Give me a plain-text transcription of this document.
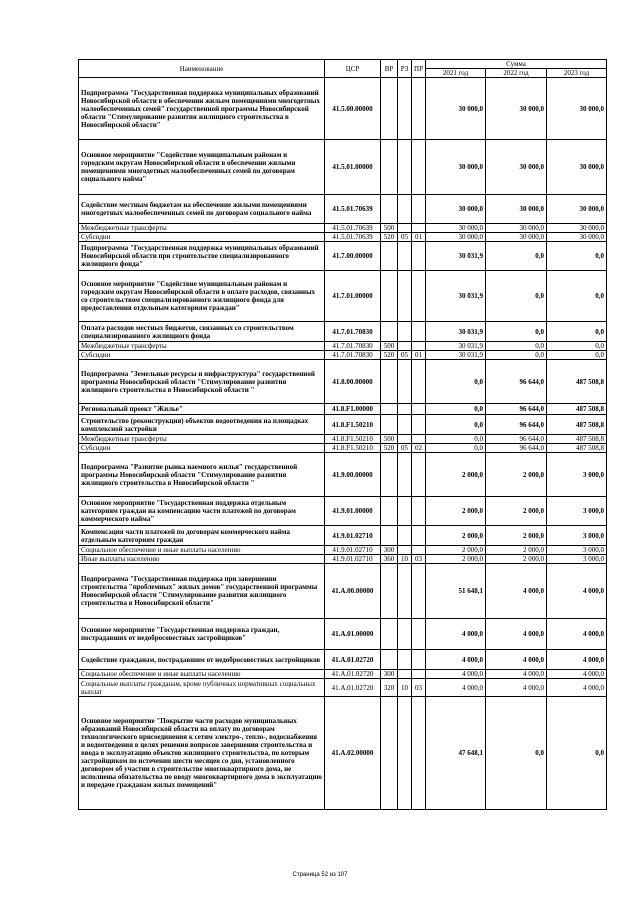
Наименование	ЦСР	ВР	РЗ	ПР	Сумма		
					2021 год	2022 год	2023 год
Подпрограмма "Государственная поддержка муниципальных образований Новосибирской области в обеспечении жильем помещениями многодетных малообеспеченных семей" государственной программы Новосибирской области "Стимулирование развития жилищного строительства в Новосибирской области"	41.5.00.00000				30 000,0	30 000,0	30 000,0
Основное мероприятие "Содействие муниципальным районам и городским округам Новосибирской области в обеспечении жилыми помещениями многодетных малообеспеченных семей по договорам социального найма"	41.5.01.00000				30 000,0	30 000,0	30 000,0
Содействие местным бюджетам на обеспечение жилыми помещениями многодетных малообеспеченных семей по договорам социального найма	41.5.01.70639				30 000,0	30 000,0	30 000,0
Межбюджетные трансферты	41.5.01.70639	500			30 000,0	30 000,0	30 000,0
Субсидии	41.5.01.70639	520	05	01	30 000,0	30 000,0	30 000,0
Подпрограмма "Государственная поддержка муниципальных образований Новосибирской области при строительстве специализированного жилищного фонда"	41.7.00.00000				30 031,9	0,0	0,0
Основное мероприятие "Содействие муниципальным районам и городским округам Новосибирской области в оплате расходов, связанных со строительством специализированного жилищного фонда для предоставления отдельным категориям граждан"	41.7.01.00000				30 031,9	0,0	0,0
Оплата расходов местных бюджетов, связанных со строительством специализированного жилищного фонда	41.7.01.70830				30 031,9	0,0	0,0
Межбюджетные трансферты	41.7.01.70830	500			30 031,9	0,0	0,0
Субсидии	41.7.01.70830	520	05	01	30 031,9	0,0	0,0
Подпрограмма "Земельные ресурсы и инфраструктура" государственной программы Новосибирской области "Стимулирование развития жилищного строительства в Новосибирской области "	41.8.00.00000				0,0	96 644,0	487 508,8
Региональный проект "Жилье"	41.8.F1.00000				0,0	96 644,0	487 508,8
Строительство (реконструкция) объектов водоотведения на площадках комплексной застройки	41.8.F1.50210				0,0	96 644,0	487 508,8
Межбюджетные трансферты	41.8.F1.50210	500			0,0	96 644,0	487 508,8
Субсидии	41.8.F1.50210	520	05	02	0,0	96 644,0	487 508,8
Подпрограмма "Развитие рынка наемного жилья" государственной программы Новосибирской области "Стимулирование развития жилищного строительства в Новосибирской области "	41.9.00.00000				2 000,0	2 000,0	3 000,0
Основное мероприятие "Государственная поддержка отдельным категориям граждан на компенсацию части платежей по договорам коммерческого найма"	41.9.01.00000				2 000,0	2 000,0	3 000,0
Компенсация части платежей по договорам коммерческого найма отдельным категориям граждан	41.9.01.02710				2 000,0	2 000,0	3 000,0
Социальное обеспечение и иные выплаты населению	41.9.01.02710	300			2 000,0	2 000,0	3 000,0
Иные выплаты населению	41.9.01.02710	360	10	03	2 000,0	2 000,0	3 000,0
Подпрограмма "Государственная поддержка при завершении строительства "проблемных" жилых домов" государственной программы Новосибирской области "Стимулирование развития жилищного строительства в Новосибирской области"	41.А.00.00000				51 648,1	4 000,0	4 000,0
Основное мероприятие "Государственная поддержка граждан, пострадавших от недобросовестных застройщиков"	41.А.01.00000				4 000,0	4 000,0	4 000,0
Содействие гражданам, пострадавшим от недобросовестных застройщиков	41.А.01.02720				4 000,0	4 000,0	4 000,0
Социальное обеспечение и иные выплаты населению	41.А.01.02720	300			4 000,0	4 000,0	4 000,0
Социальные выплаты гражданам, кроме публичных нормативных социальных выплат	41.А.01.02720	320	10	03	4 000,0	4 000,0	4 000,0
Основное мероприятие "Покрытие части расходов муниципальных образований Новосибирской области на оплату по договорам технологического присоединения к сетям электро-, тепло-, водоснабжения и водоотведения в целях решения вопросов завершения строительства и ввода в эксплуатацию объектов жилищного строительства, по которым застройщиком по истечении шести месяцев со дня, установленного договором об участии в строительстве многоквартирного дома, не исполнены обязательства по вводу многоквартирного дома в эксплуатацию и передаче гражданам жилых помещений"	41.А.02.00000				47 648,1	0,0	0,0
Страница 52 из 107
